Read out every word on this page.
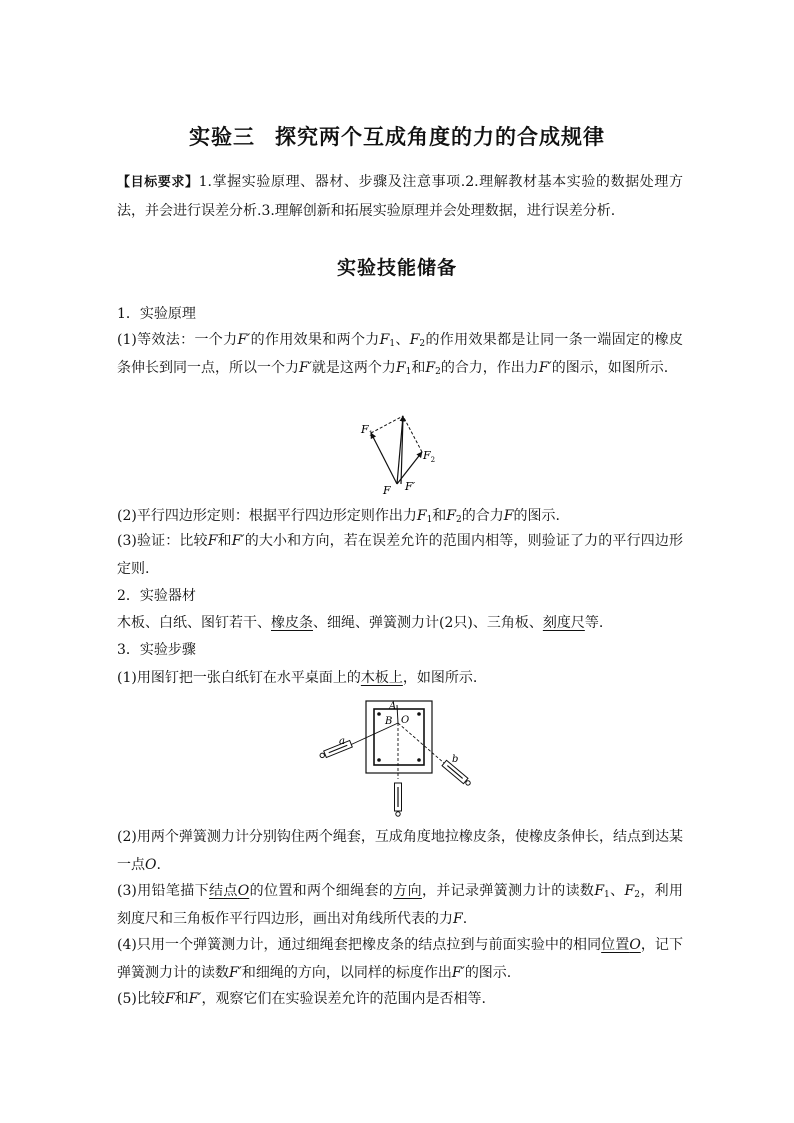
实验三 探究两个互成角度的力的合成规律
【目标要求】1.掌握实验原理、器材、步骤及注意事项.2.理解教材基本实验的数据处理方法，并会进行误差分析.3.理解创新和拓展实验原理并会处理数据，进行误差分析.
实验技能储备

1．实验原理

(1)等效法：一个力F′的作用效果和两个力$F_1$、$F_2$的作用效果都是让同一条一端固定的橡皮条伸长到同一点，所以一个力F′就是这两个力$F_1$和$F_2$的合力，作出力F′的图示，如图所示.

$F_1$
$F_2$
F F′

(2)平行四边形定则：根据平行四边形定则作出力$F_1$和$F_2$的合力F的图示.

(3)验证：比较F和F′的大小和方向，若在误差允许的范围内相等，则验证了力的平行四边形定则.

2．实验器材

木板、白纸、图钉若干、橡皮条、细绳、弹簧测力计(2只)、三角板、刻度尺等.

3．实验步骤

(1)用图钉把一张白纸钉在水平桌面上的木板上，如图所示.

a
b
A
B O

(2)用两个弹簧测力计分别钩住两个绳套，互成角度地拉橡皮条，使橡皮条伸长，结点到达某一点O.

(3)用铅笔描下结点O的位置和两个细绳套的方向，并记录弹簧测力计的读数$F_1$、$F_2$，利用刻度尺和三角板作平行四边形，画出对角线所代表的力F.

(4)只用一个弹簧测力计，通过细绳套把橡皮条的结点拉到与前面实验中的相同位置O，记下弹簧测力计的读数F′和细绳的方向，以同样的标度作出F′的图示.

(5)比较F和F′，观察它们在实验误差允许的范围内是否相等.
